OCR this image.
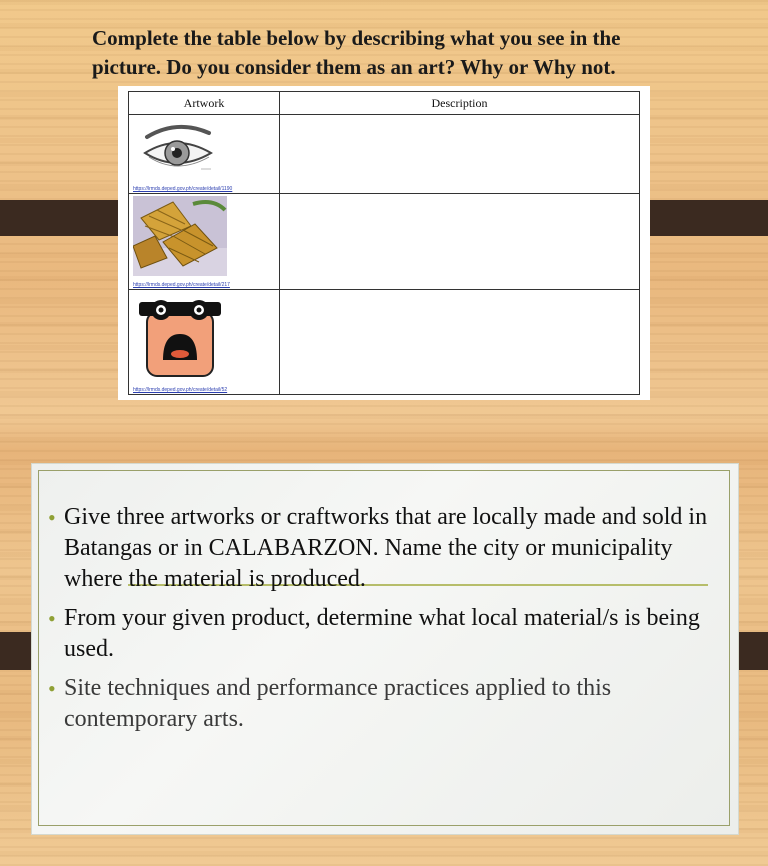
Complete the table below by describing what you see in the picture. Do you consider them as an art? Why or Why not.

Artwork	Description

https://lrmds.deped.gov.ph/create/detail/1190	

https://lrmds.deped.gov.ph/create/detail/217	

https://lrmds.deped.gov.ph/create/detail/52	

• Give three artworks or craftworks that are locally made and sold in Batangas or in CALABARZON. Name the city or municipality where the material is produced.
• From your given product, determine what local material/s is being used.
• Site techniques and performance practices applied to this contemporary arts.
